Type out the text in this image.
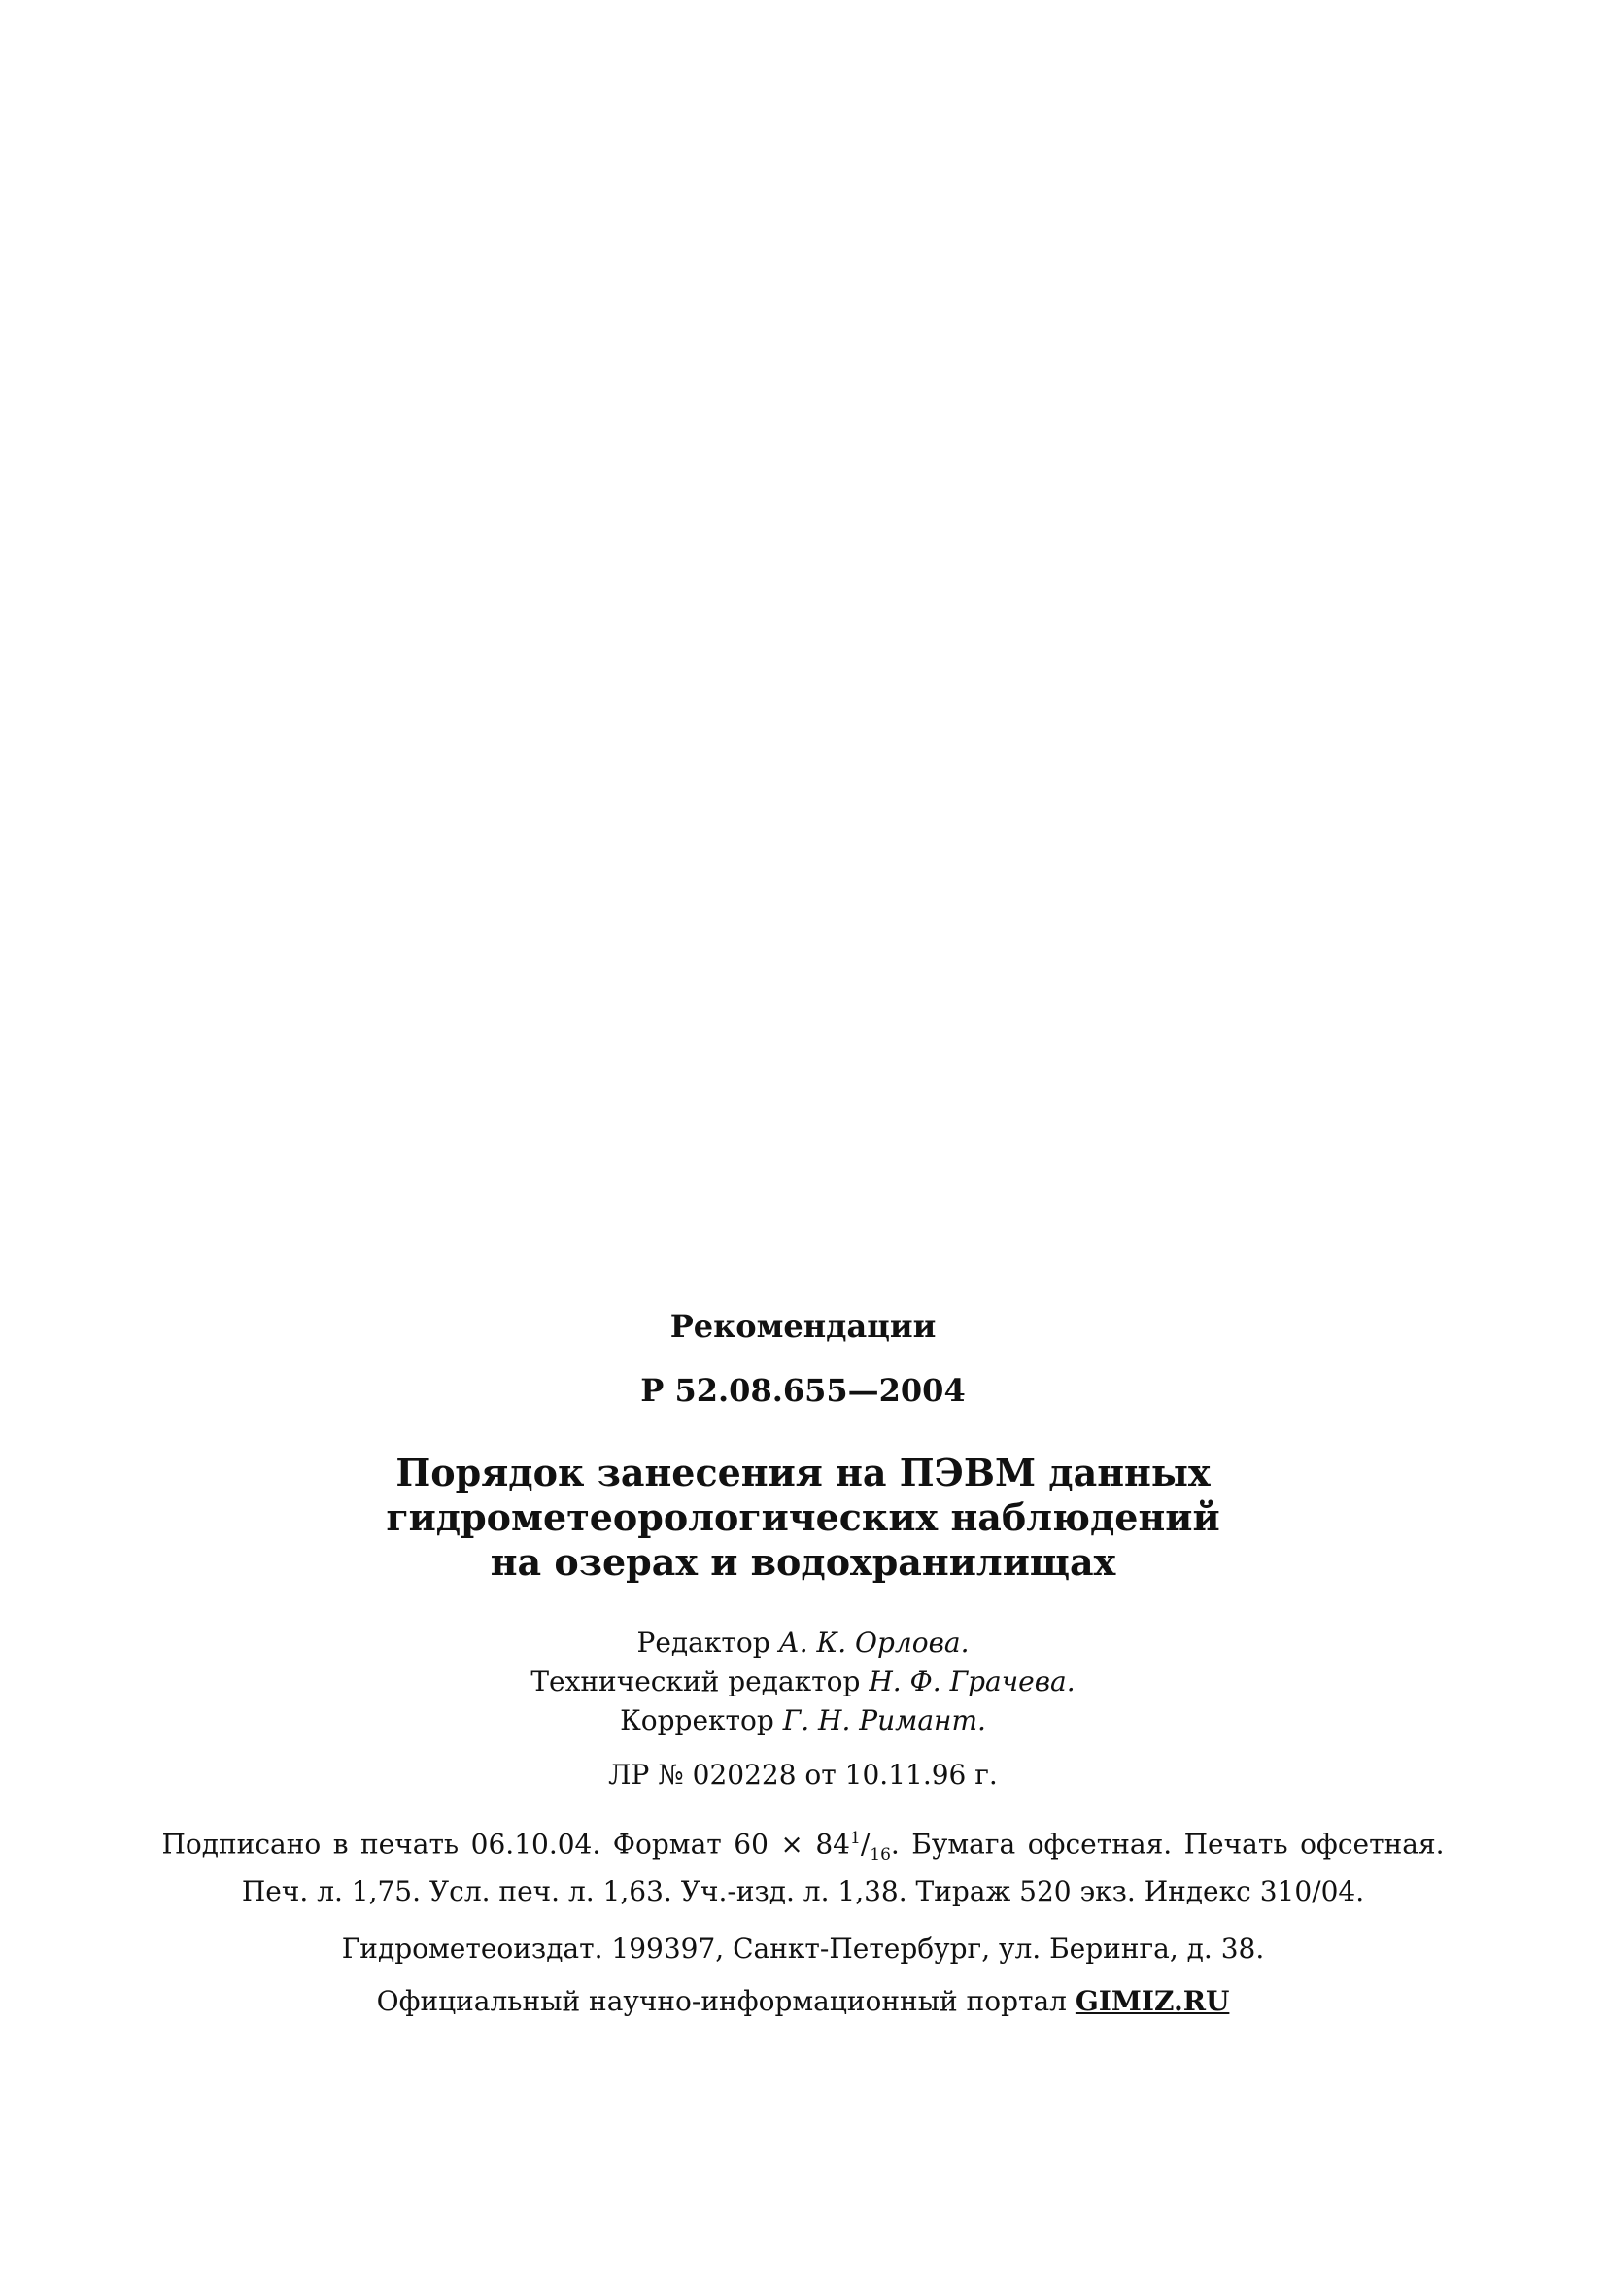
Рекомендации
Р 52.08.655—2004
Порядок занесения на ПЭВМ данных
гидрометеорологических наблюдений
на озерах и водохранилищах
Редактор А. К. Орлова.
Технический редактор Н. Ф. Грачева.
Корректор Г. Н. Римант.
ЛР № 020228 от 10.11.96 г.
Подписано в печать 06.10.04. Формат $60 \times 84^1/_{16}$. Бумага офсетная. Печать офсетная. Печ. л. 1,75. Усл. печ. л. 1,63. Уч.-изд. л. 1,38. Тираж 520 экз. Индекс 310/04.
Гидрометеоиздат. 199397, Санкт-Петербург, ул. Беринга, д. 38.
Официальный научно-информационный портал GIMIZ.RU
